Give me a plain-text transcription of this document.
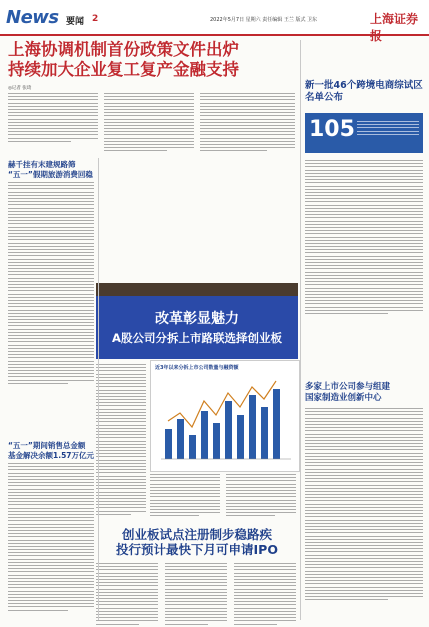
News 要闻 2	2022年5月7日 星期六 责任编辑 王兰 版式 卫东	上海证券报
上海协调机制首份政策文件出炉
持续加大企业复工复产金融支持
◎记者 张琦
赫千挂有末建规路筛
“五一”假期旅游消费回稳
“五一”期间销售总金额
基金解决余额1.57万亿元
改革彰显魅力
A股公司分拆上市路联选择创业板
近3年以来分拆上市公司数量与融资额
创业板试点注册制步稳路疾
投行预计最快下月可申请IPO
新一批46个跨境电商综试区名单公布
105
多家上市公司参与组建
国家制造业创新中心
